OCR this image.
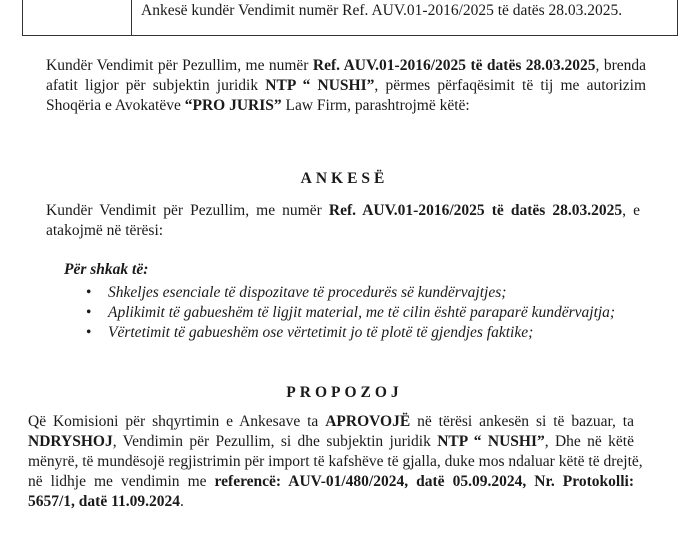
Ankesë kundër Vendimit numër Ref. AUV.01-2016/2025 të datës 28.03.2025.
Kundër Vendimit për Pezullim, me numër Ref. AUV.01-2016/2025 të datës 28.03.2025, brenda
afatit ligjor për subjektin juridik NTP “ NUSHI”, përmes përfaqësimit të tij me autorizim
Shoqëria e Avokatëve “PRO JURIS” Law Firm, parashtrojmë këtë:
ANKESË
Kundër Vendimit për Pezullim, me numër Ref. AUV.01-2016/2025 të datës 28.03.2025, e
atakojmë në tërësi:
Për shkak të:
• Shkeljes esenciale të dispozitave të procedurës së kundërvajtjes;
• Aplikimit të gabueshëm të ligjit material, me të cilin është paraparë kundërvajtja;
• Vërtetimit të gabueshëm ose vërtetimit jo të plotë të gjendjes faktike;
PROPOZOJ
Që Komisioni për shqyrtimin e Ankesave ta APROVOJË në tërësi ankesën si të bazuar, ta
NDRYSHOJ, Vendimin për Pezullim, si dhe subjektin juridik NTP “ NUSHI”, Dhe në këtë
mënyrë, të mundësojë regjistrimin për import të kafshëve të gjalla, duke mos ndaluar këtë të drejtë,
në lidhje me vendimin me referencë: AUV-01/480/2024, datë 05.09.2024, Nr. Protokolli:
5657/1, datë 11.09.2024.
